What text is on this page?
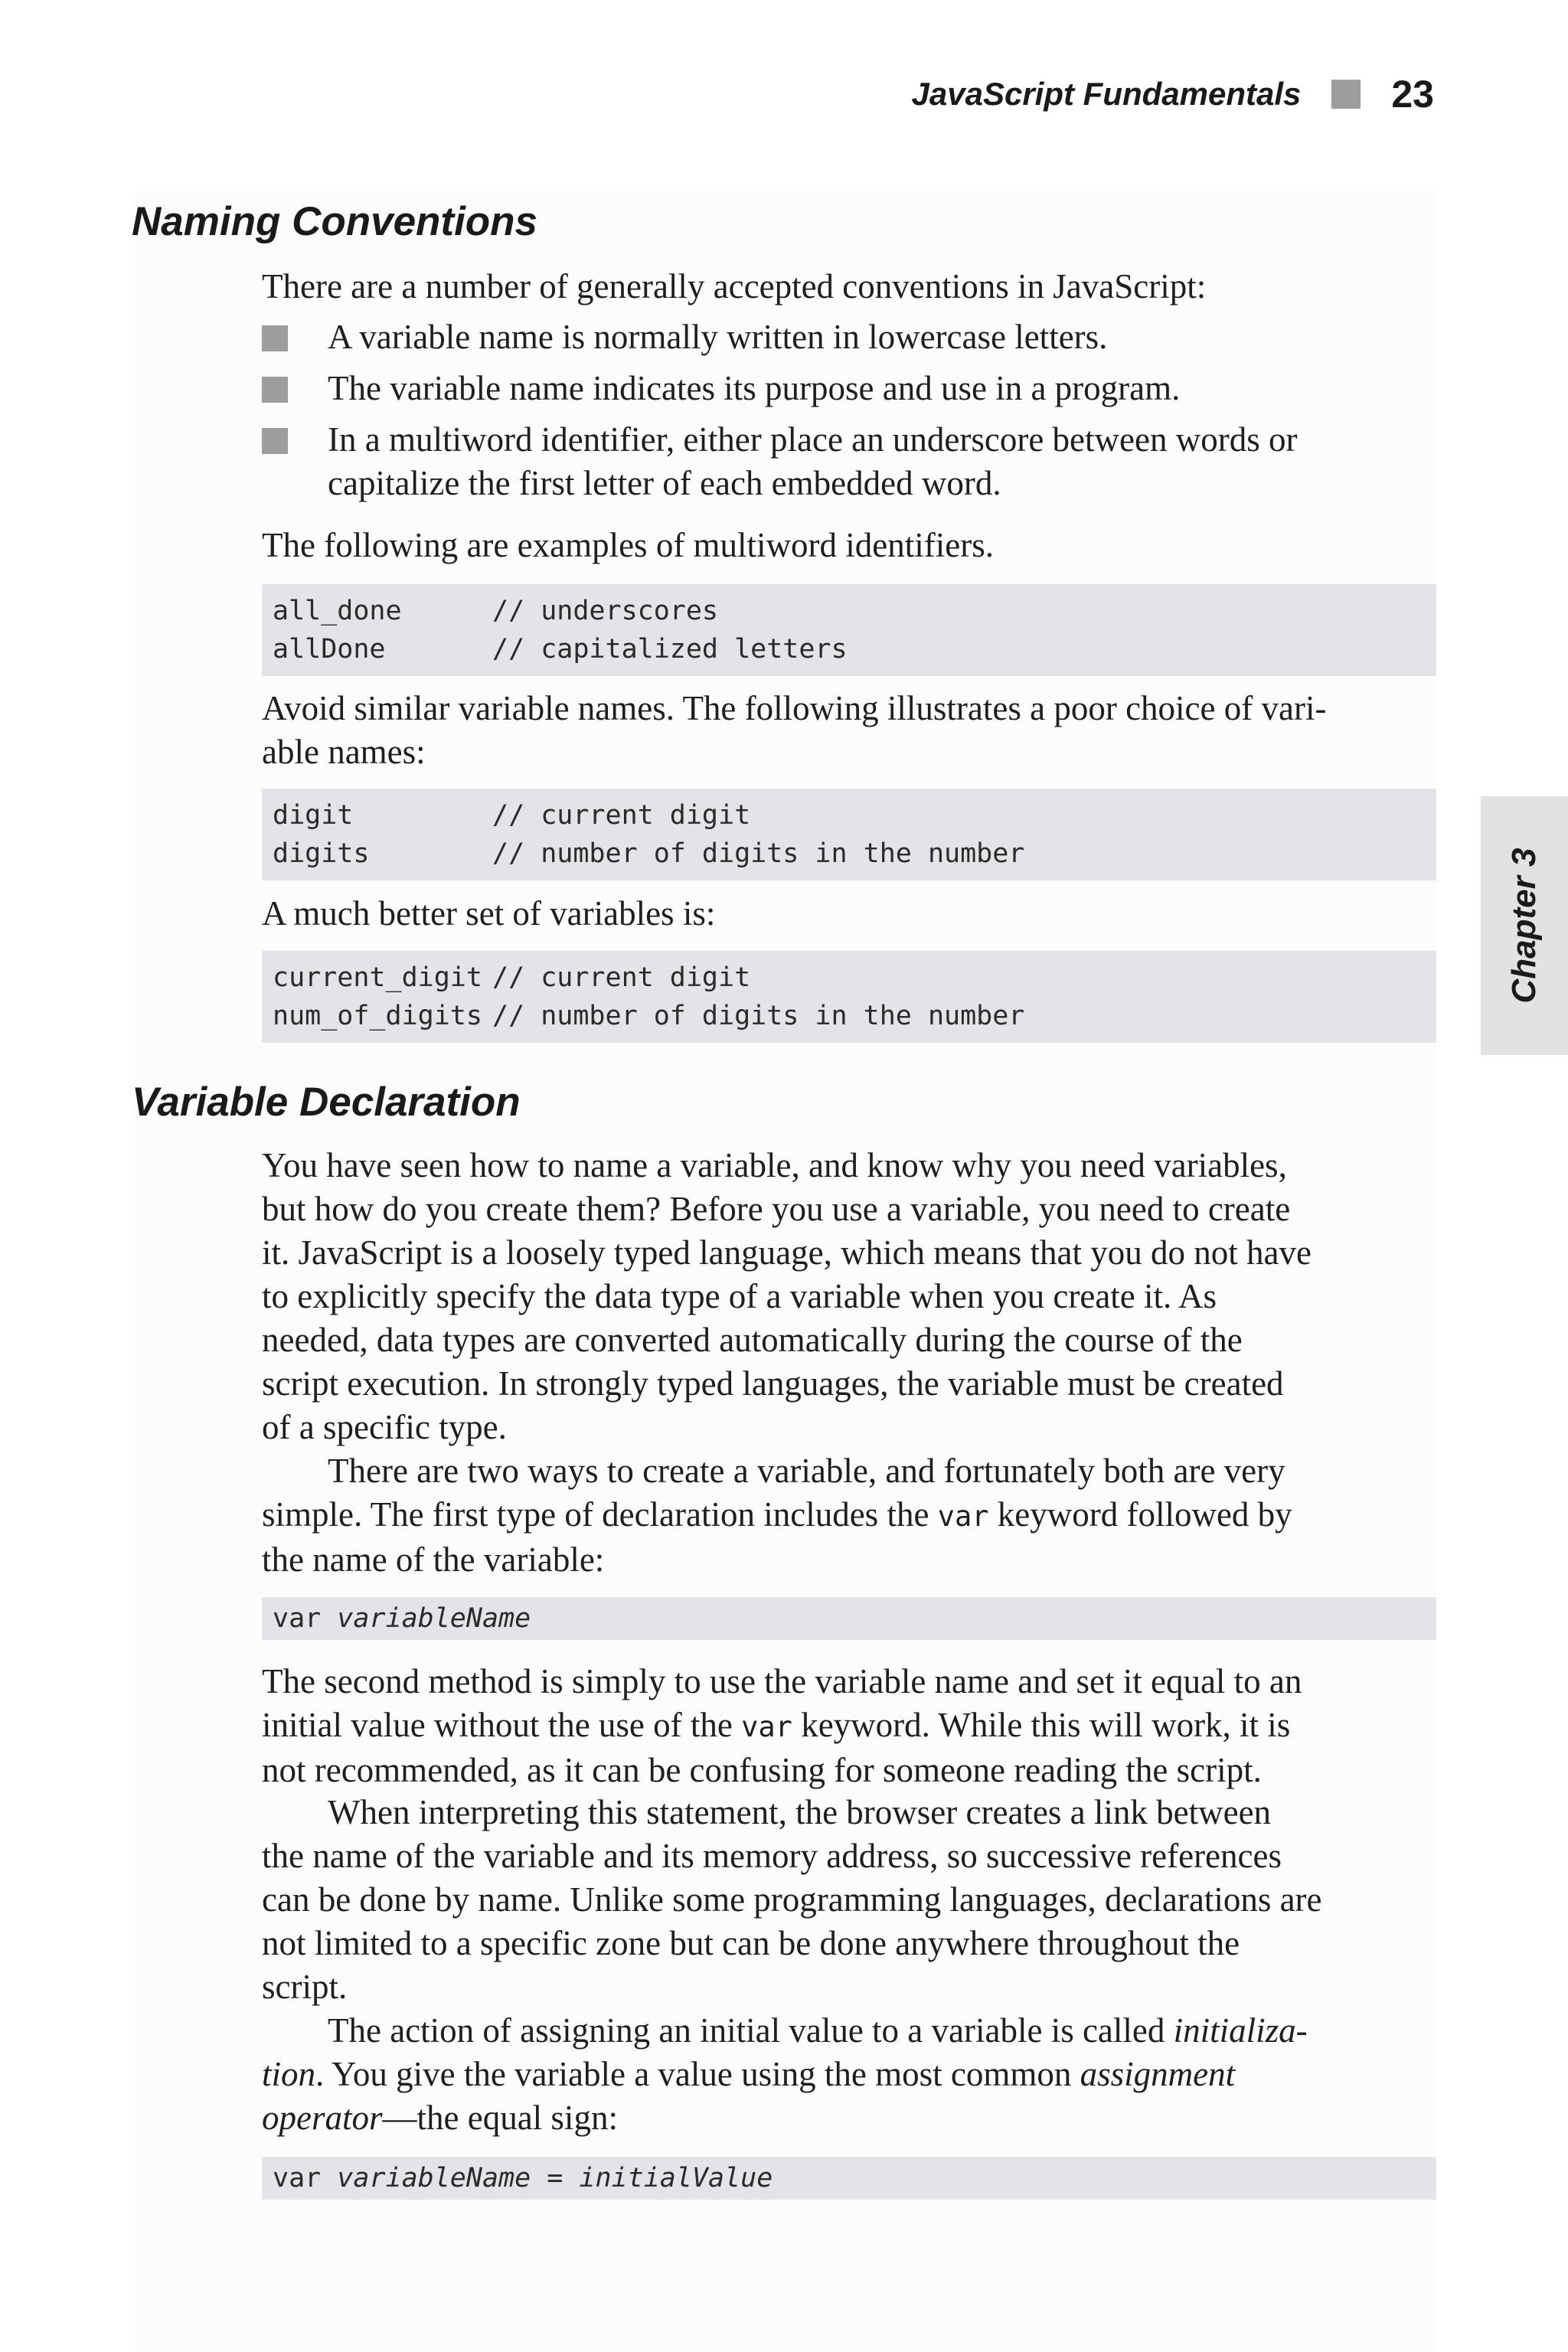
JavaScript Fundamentals 23
Chapter 3
Naming Conventions

There are a number of generally accepted conventions in JavaScript:

A variable name is normally written in lowercase letters.
The variable name indicates its purpose and use in a program.
In a multiword identifier, either place an underscore between words or
capitalize the first letter of each embedded word.

The following are examples of multiword identifiers.

all_done	// underscores
allDone	// capitalized letters

Avoid similar variable names. The following illustrates a poor choice of vari-
able names:

digit	// current digit
digits	// number of digits in the number

A much better set of variables is:

current_digit // current digit
num_of_digits // number of digits in the number
Variable Declaration

You have seen how to name a variable, and know why you need variables,
but how do you create them? Before you use a variable, you need to create
it. JavaScript is a loosely typed language, which means that you do not have
to explicitly specify the data type of a variable when you create it. As
needed, data types are converted automatically during the course of the
script execution. In strongly typed languages, the variable must be created
of a specific type.

There are two ways to create a variable, and fortunately both are very
simple. The first type of declaration includes the var keyword followed by
the name of the variable:

var
variableName

The second method is simply to use the variable name and set it equal to an
initial value without the use of the var keyword. While this will work, it is
not recommended, as it can be confusing for someone reading the script.

When interpreting this statement, the browser creates a link between
the name of the variable and its memory address, so successive references
can be done by name. Unlike some programming languages, declarations are
not limited to a specific zone but can be done anywhere throughout the
script.

The action of assigning an initial value to a variable is called initializa-
tion. You give the variable a value using the most common assignment
operator—the equal sign:

var
variableName
=
initialValue
